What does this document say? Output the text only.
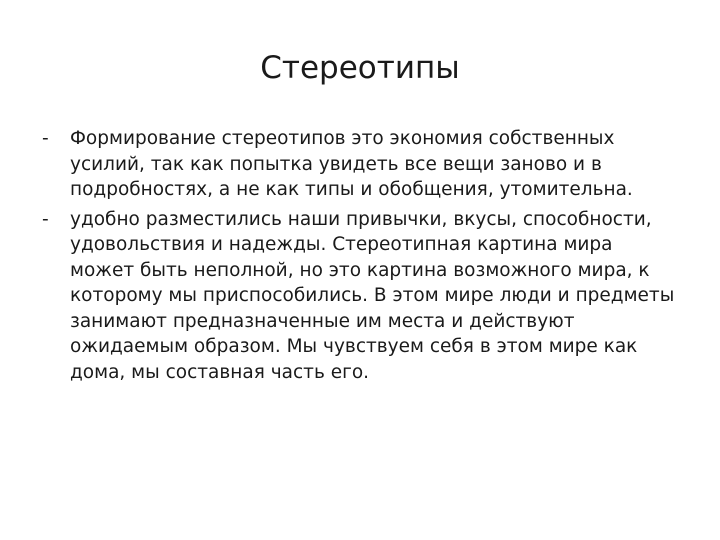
Стереотипы
- Формирование стереотипов это экономия собственных усилий, так как попытка увидеть все вещи заново и в подробностях, а не как типы и обобщения, утомительна.
- удобно разместились наши привычки, вкусы, способности, удовольствия и надежды. Стереотипная картина мира может быть неполной, но это картина возможного мира, к которому мы приспособились. В этом мире люди и предметы занимают предназначенные им места и действуют ожидаемым образом. Мы чувствуем себя в этом мире как дома, мы составная часть его.
